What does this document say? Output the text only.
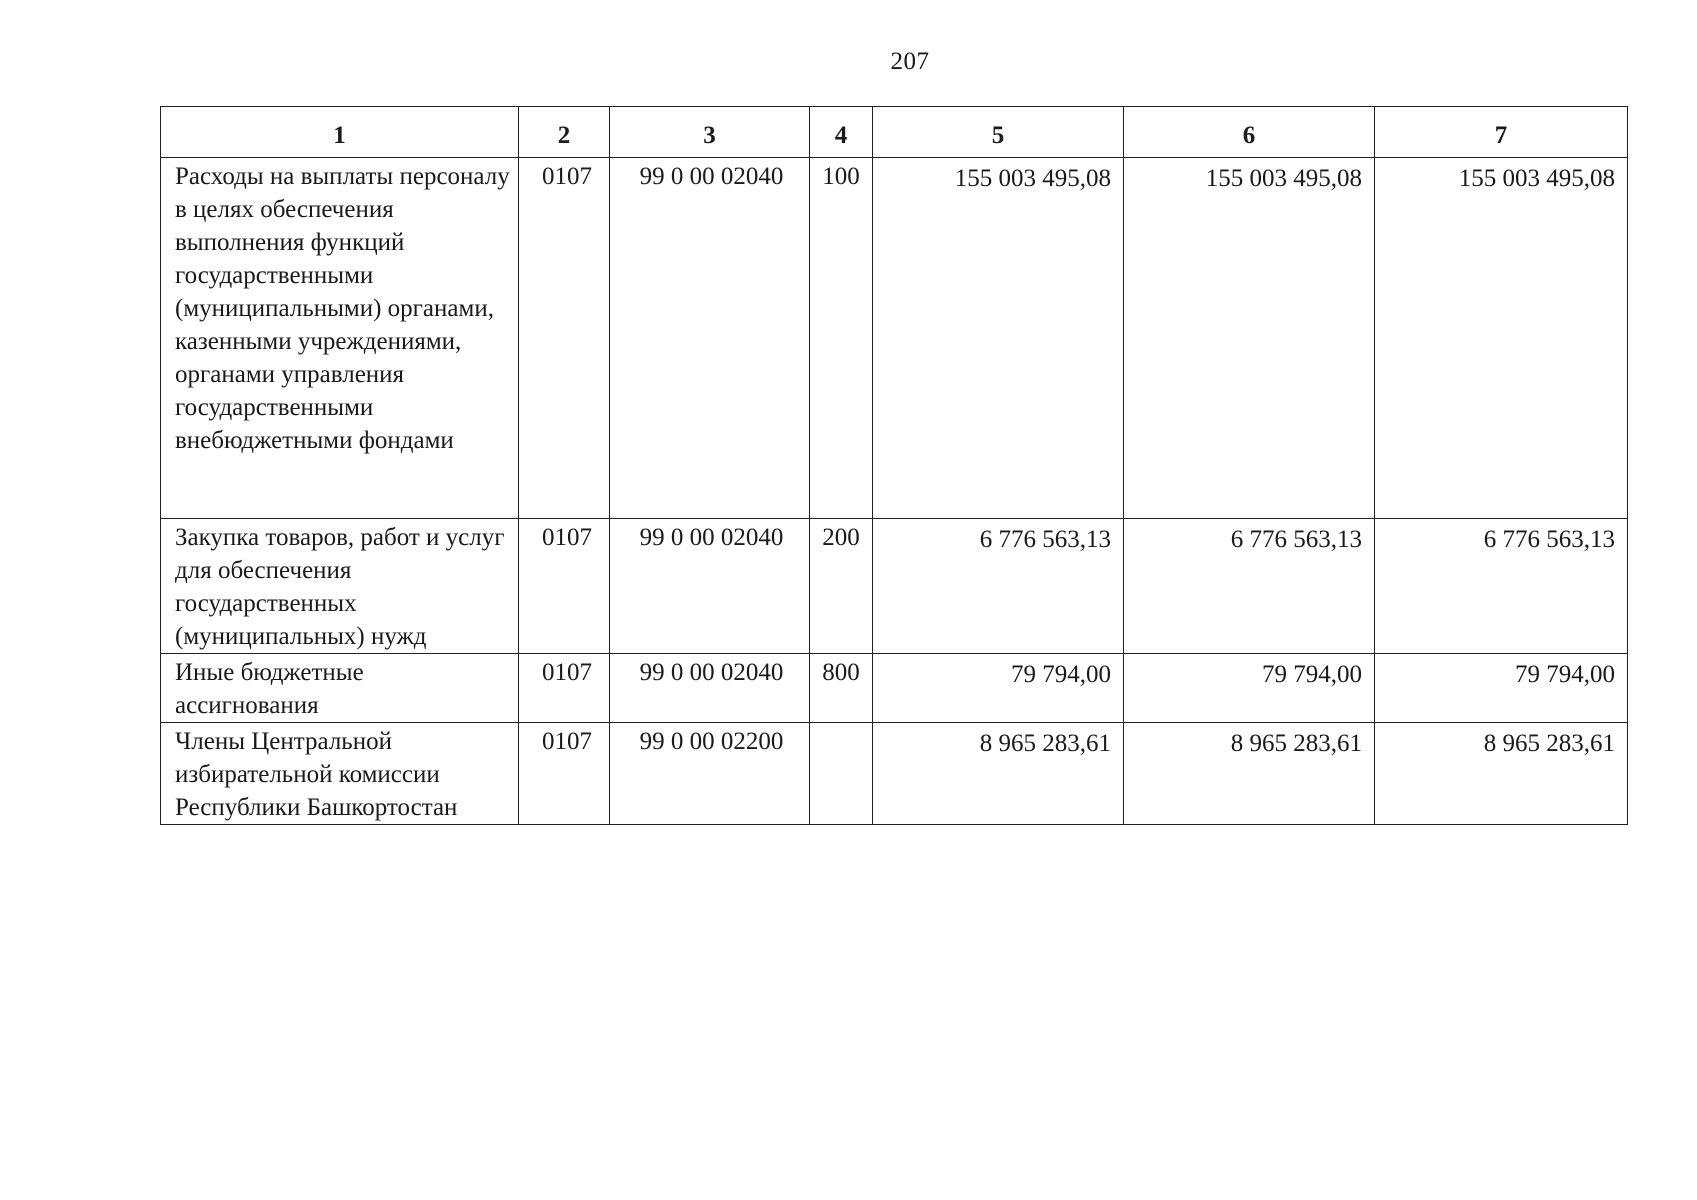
207
1	2	3	4	5	6	7
Расходы на выплаты персоналу в целях обеспечения выполнения функций государственными (муниципальными) органами, казенными учреждениями, органами управления государственными внебюджетными фондами	0107	99 0 00 02040	100	155 003 495,08	155 003 495,08	155 003 495,08
Закупка товаров, работ и услуг для обеспечения государственных (муниципальных) нужд	0107	99 0 00 02040	200	6 776 563,13	6 776 563,13	6 776 563,13
Иные бюджетные ассигнования	0107	99 0 00 02040	800	79 794,00	79 794,00	79 794,00
Члены Центральной избирательной комиссии Республики Башкортостан	0107	99 0 00 02200		8 965 283,61	8 965 283,61	8 965 283,61
